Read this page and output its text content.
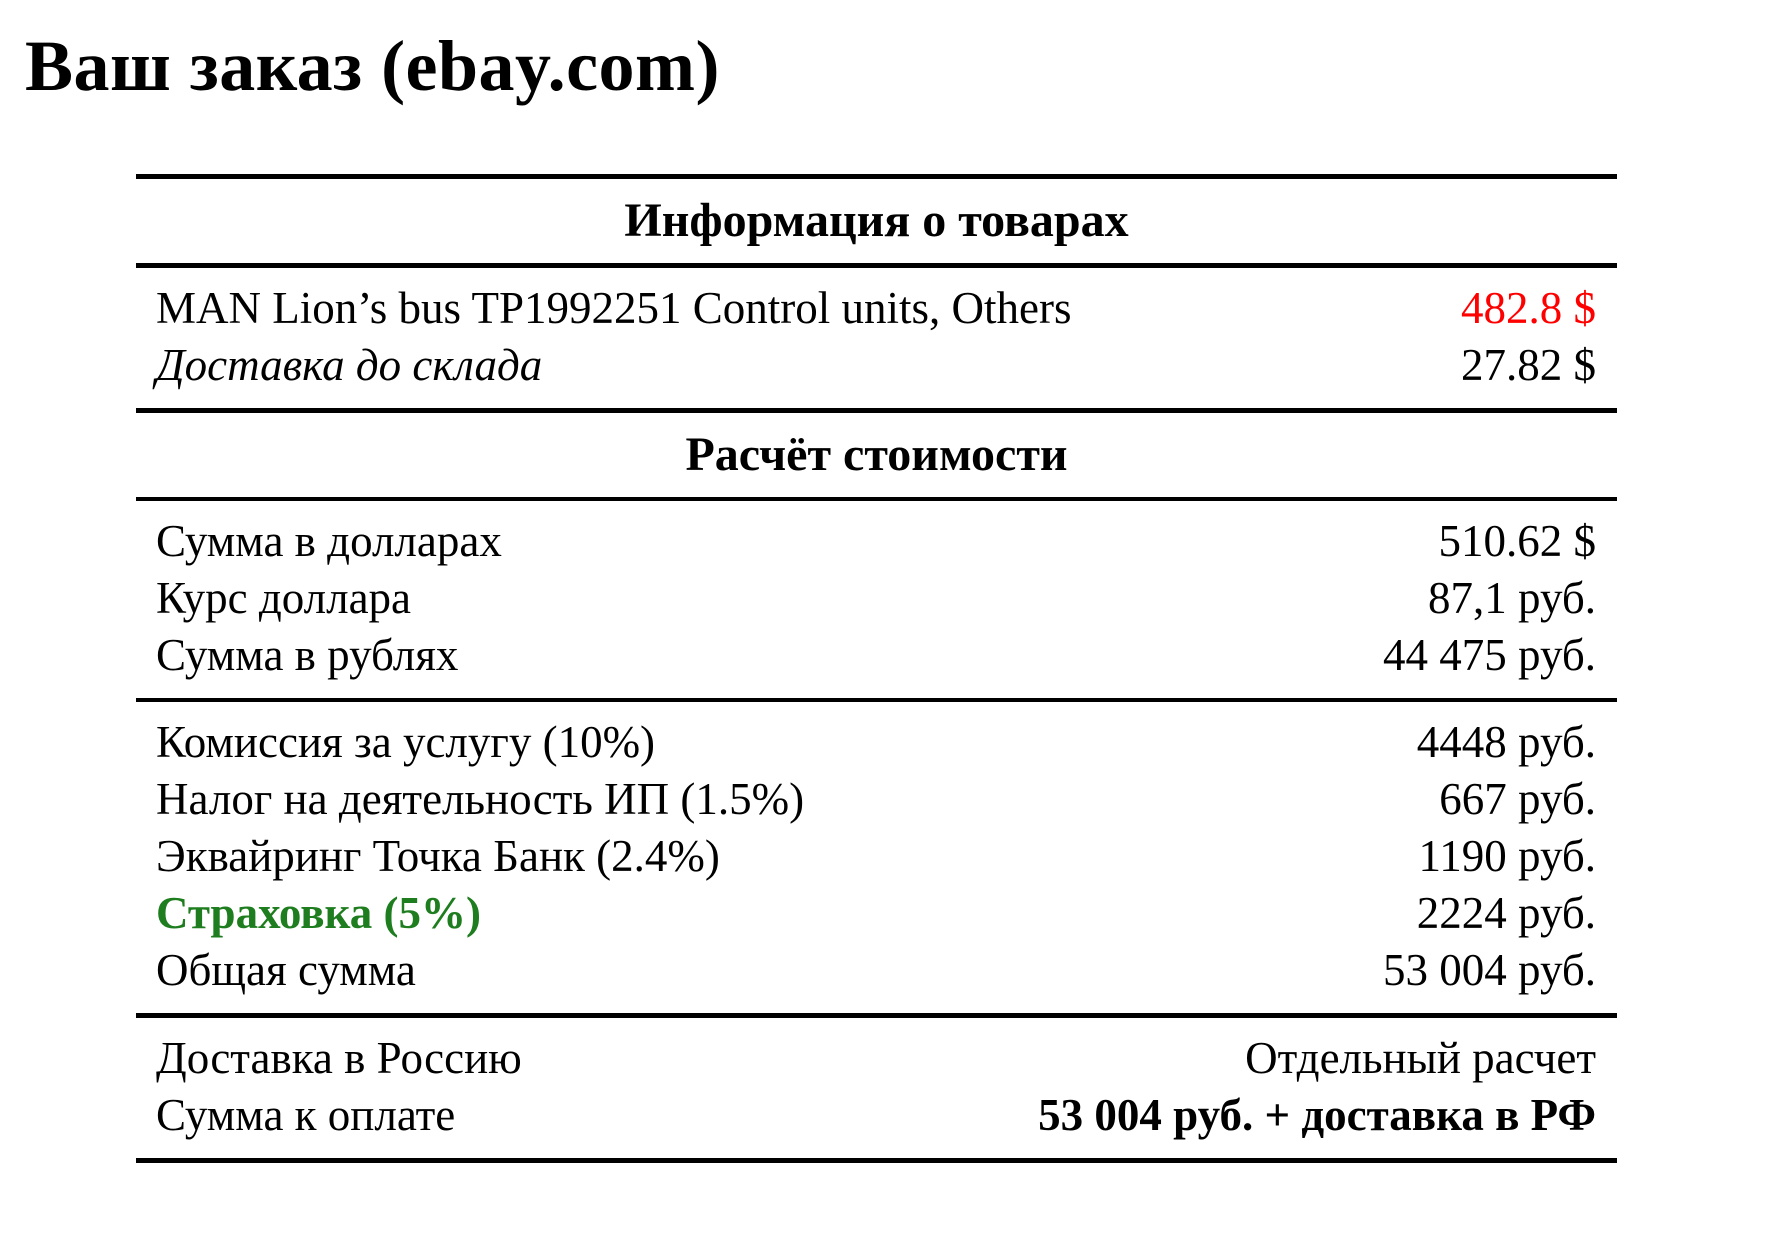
Ваш заказ (ebay.com)
Информация о товарах
MAN Lion’s bus TP1992251 Control units, Others	482.8 $
Доставка до склада	27.82 $
Расчёт стоимости
Сумма в долларах	510.62 $
Курс доллара	87,1 руб.
Сумма в рублях	44 475 руб.
Комиссия за услугу (10%)	4448 руб.
Налог на деятельность ИП (1.5%)	667 руб.
Эквайринг Точка Банк (2.4%)	1190 руб.
Страховка (5%)	2224 руб.
Общая сумма	53 004 руб.
Доставка в Россию	Отдельный расчет
Сумма к оплате	53 004 руб. + доставка в РФ
